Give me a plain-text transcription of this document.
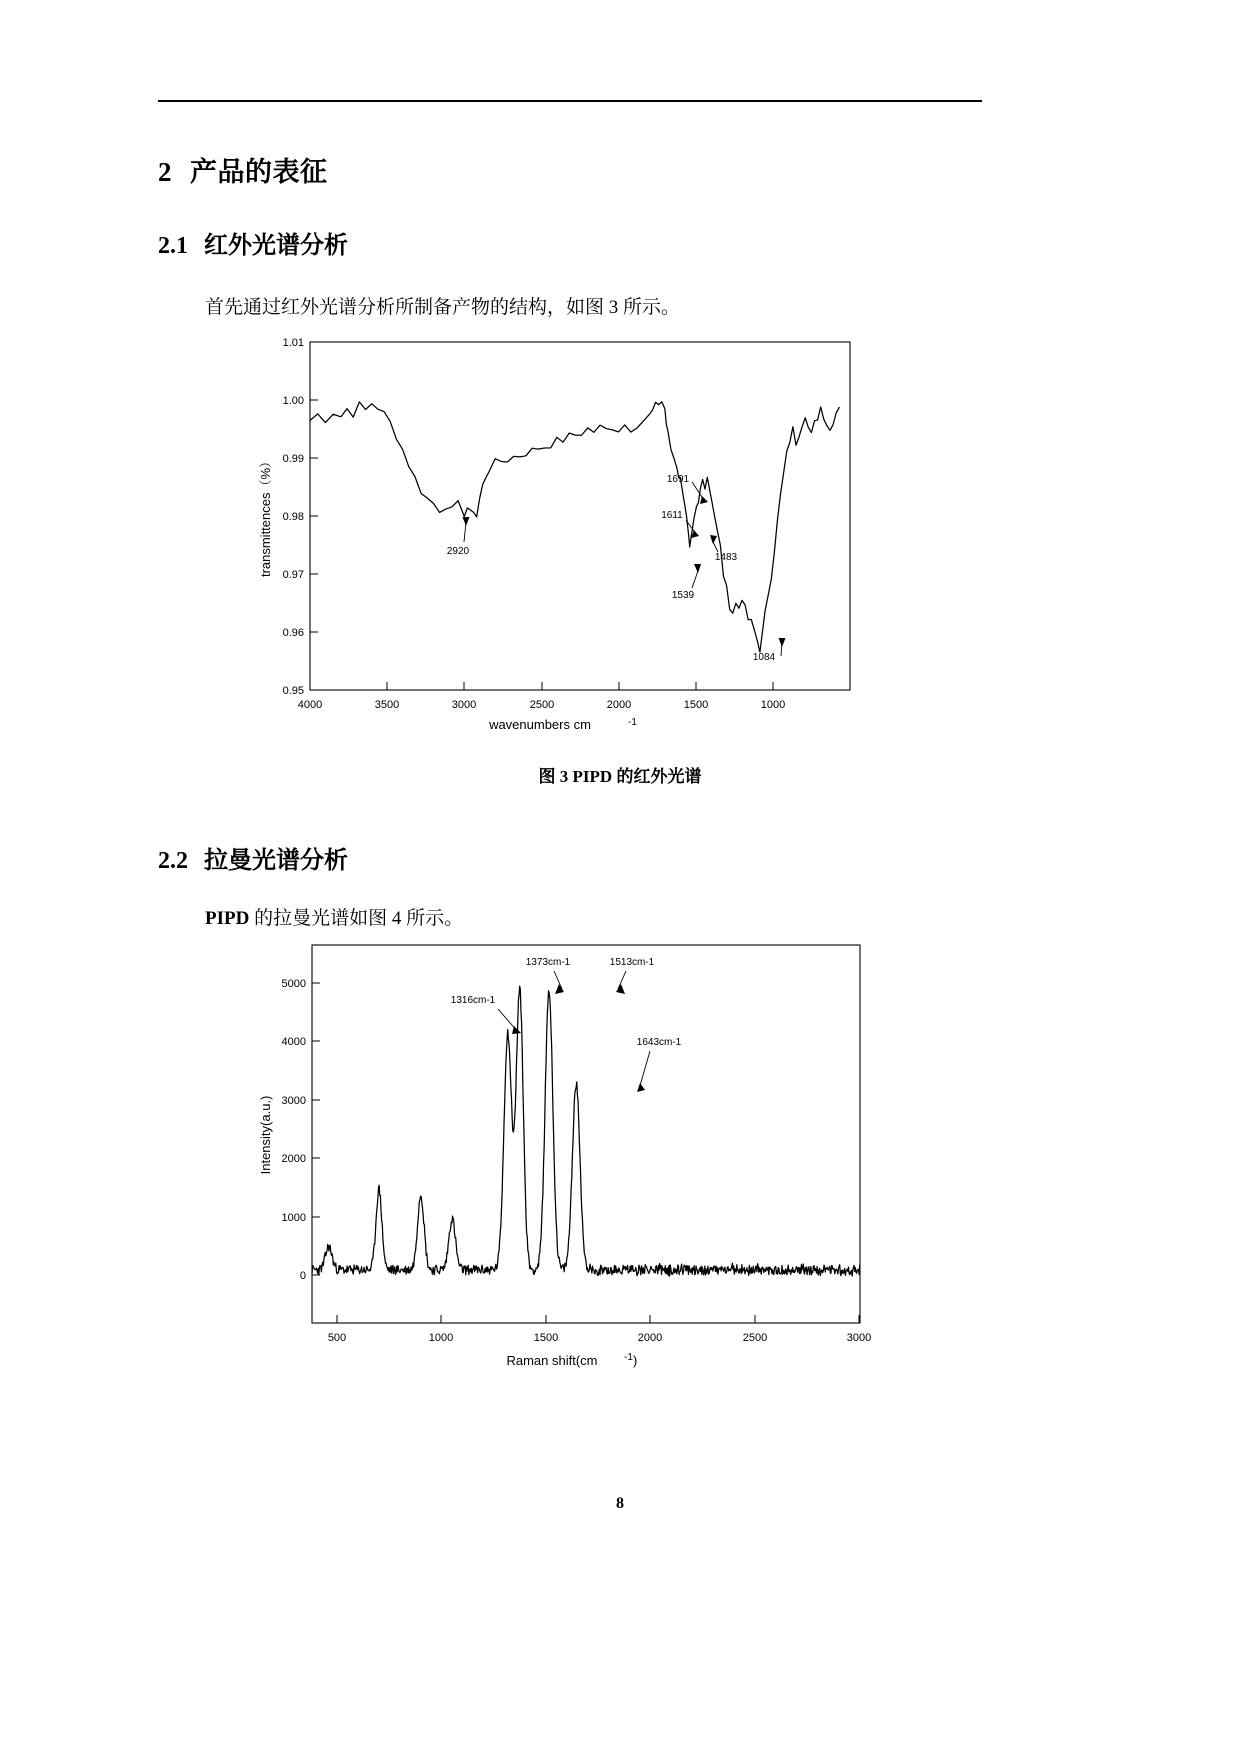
2 产品的表征
2.1 红外光谱分析
首先通过红外光谱分析所制备产物的结构，如图 3 所示。
0.95
0.96
0.97
0.98
0.99
1.00
1.01
4000	3500	3000	2500	2000	1500	1000
transmittences（%）
wavenumbers cm	-1
2920
1691
1611
1539
1483
1084
图 3 PIPD 的红外光谱
2.2 拉曼光谱分析
PIPD 的拉曼光谱如图 4 所示。
0
1000
2000
3000
4000
5000
500	1000	1500	2000	2500	3000
Intensity(a.u.)
Raman shift(cm	-1 )
1316cm-1
1373cm-1	1513cm-1
1643cm-1
8
